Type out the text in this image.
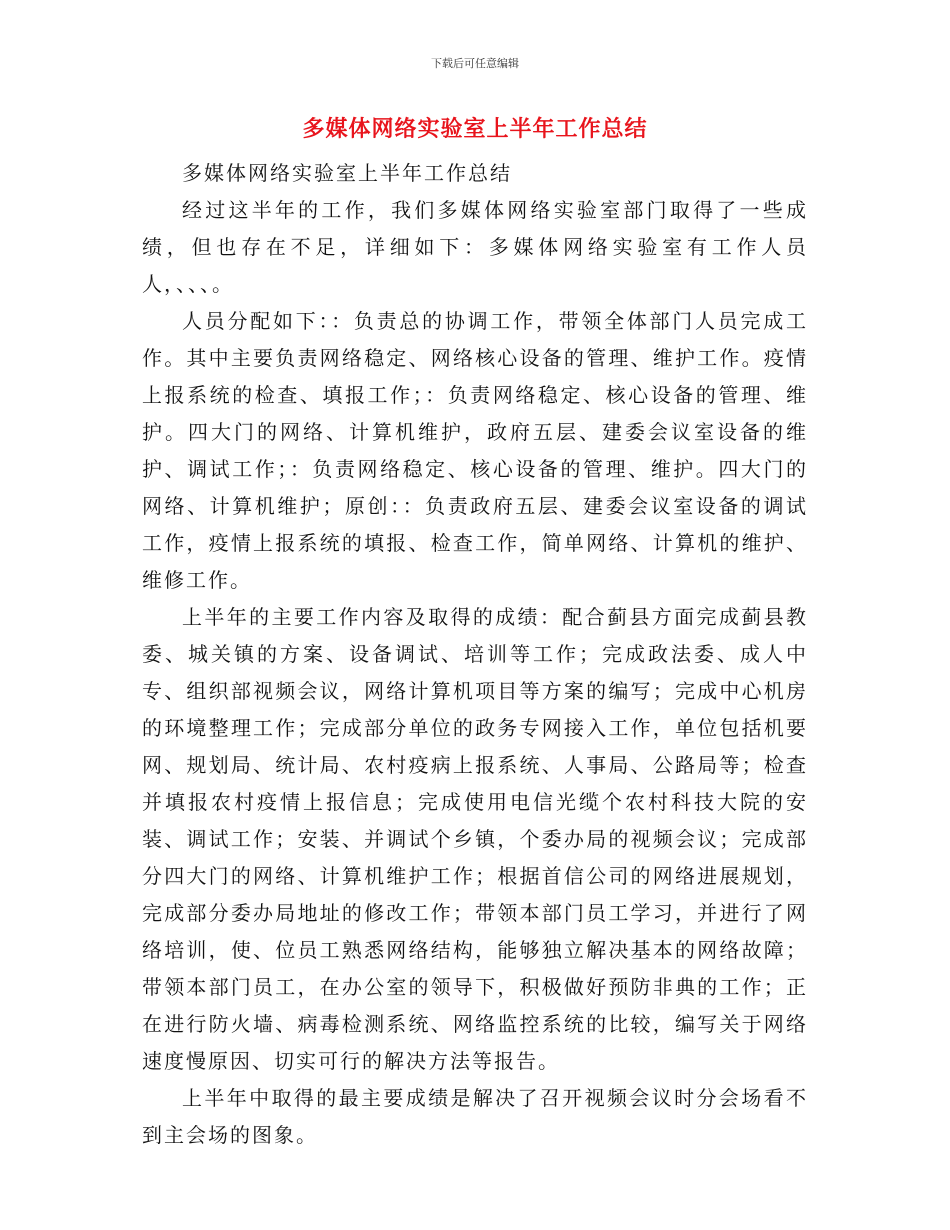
下载后可任意编辑
多媒体网络实验室上半年工作总结

多媒体网络实验室上半年工作总结

经过这半年的工作，我们多媒体网络实验室部门取得了一些成绩，但也存在不足，详细如下：多媒体网络实验室有工作人员人，、、、。

人员分配如下：：负责总的协调工作，带领全体部门人员完成工作。其中主要负责网络稳定、网络核心设备的管理、维护工作。疫情上报系统的检查、填报工作；：负责网络稳定、核心设备的管理、维护。四大门的网络、计算机维护，政府五层、建委会议室设备的维护、调试工作；：负责网络稳定、核心设备的管理、维护。四大门的网络、计算机维护；原创：：负责政府五层、建委会议室设备的调试工作，疫情上报系统的填报、检查工作，简单网络、计算机的维护、维修工作。

上半年的主要工作内容及取得的成绩：配合蓟县方面完成蓟县教委、城关镇的方案、设备调试、培训等工作；完成政法委、成人中专、组织部视频会议，网络计算机项目等方案的编写；完成中心机房的环境整理工作；完成部分单位的政务专网接入工作，单位包括机要网、规划局、统计局、农村疫病上报系统、人事局、公路局等；检查并填报农村疫情上报信息；完成使用电信光缆个农村科技大院的安装、调试工作；安装、并调试个乡镇，个委办局的视频会议；完成部分四大门的网络、计算机维护工作；根据首信公司的网络进展规划，完成部分委办局地址的修改工作；带领本部门员工学习，并进行了网络培训，使、位员工熟悉网络结构，能够独立解决基本的网络故障；带领本部门员工，在办公室的领导下，积极做好预防非典的工作；正在进行防火墙、病毒检测系统、网络监控系统的比较，编写关于网络速度慢原因、切实可行的解决方法等报告。

上半年中取得的最主要成绩是解决了召开视频会议时分会场看不到主会场的图象。
